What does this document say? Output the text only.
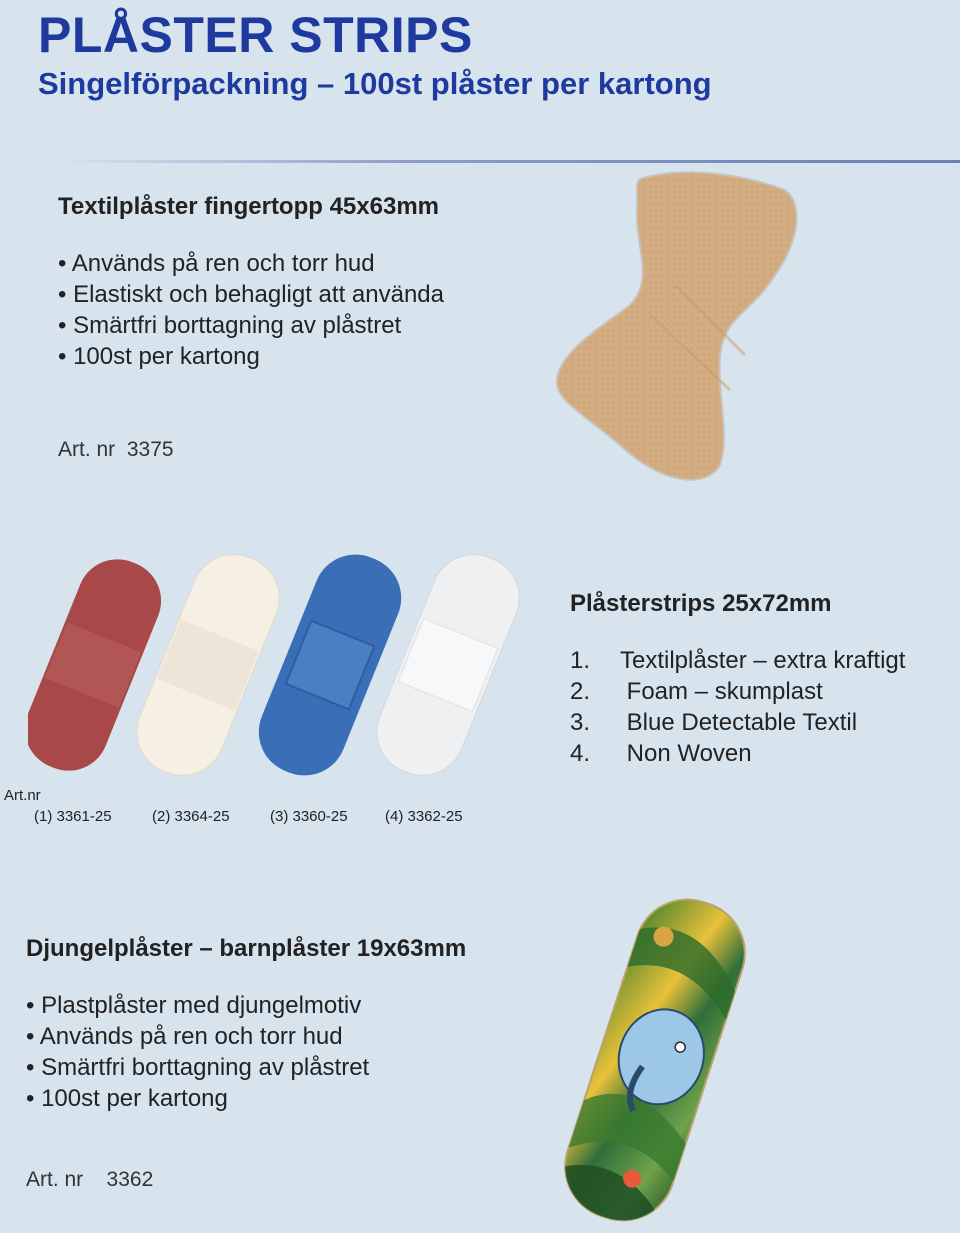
PLÅSTER STRIPS
Singelförpackning – 100st plåster per kartong
Textilplåster fingertopp 45x63mm
• Används på ren och torr hud
• Elastiskt och behagligt att använda
• Smärtfri borttagning av plåstret
• 100st per kartong
Art. nr 3375
Plåsterstrips 25x72mm
1. Textilplåster – extra kraftigt
2. Foam – skumplast
3. Blue Detectable Textil
4. Non Woven
Art.nr
(1) 3361-25	(2) 3364-25	(3) 3360-25 (4) 3362-25
Djungelplåster – barnplåster 19x63mm
• Plastplåster med djungelmotiv
• Används på ren och torr hud
• Smärtfri borttagning av plåstret
• 100st per kartong
Art. nr 3362
